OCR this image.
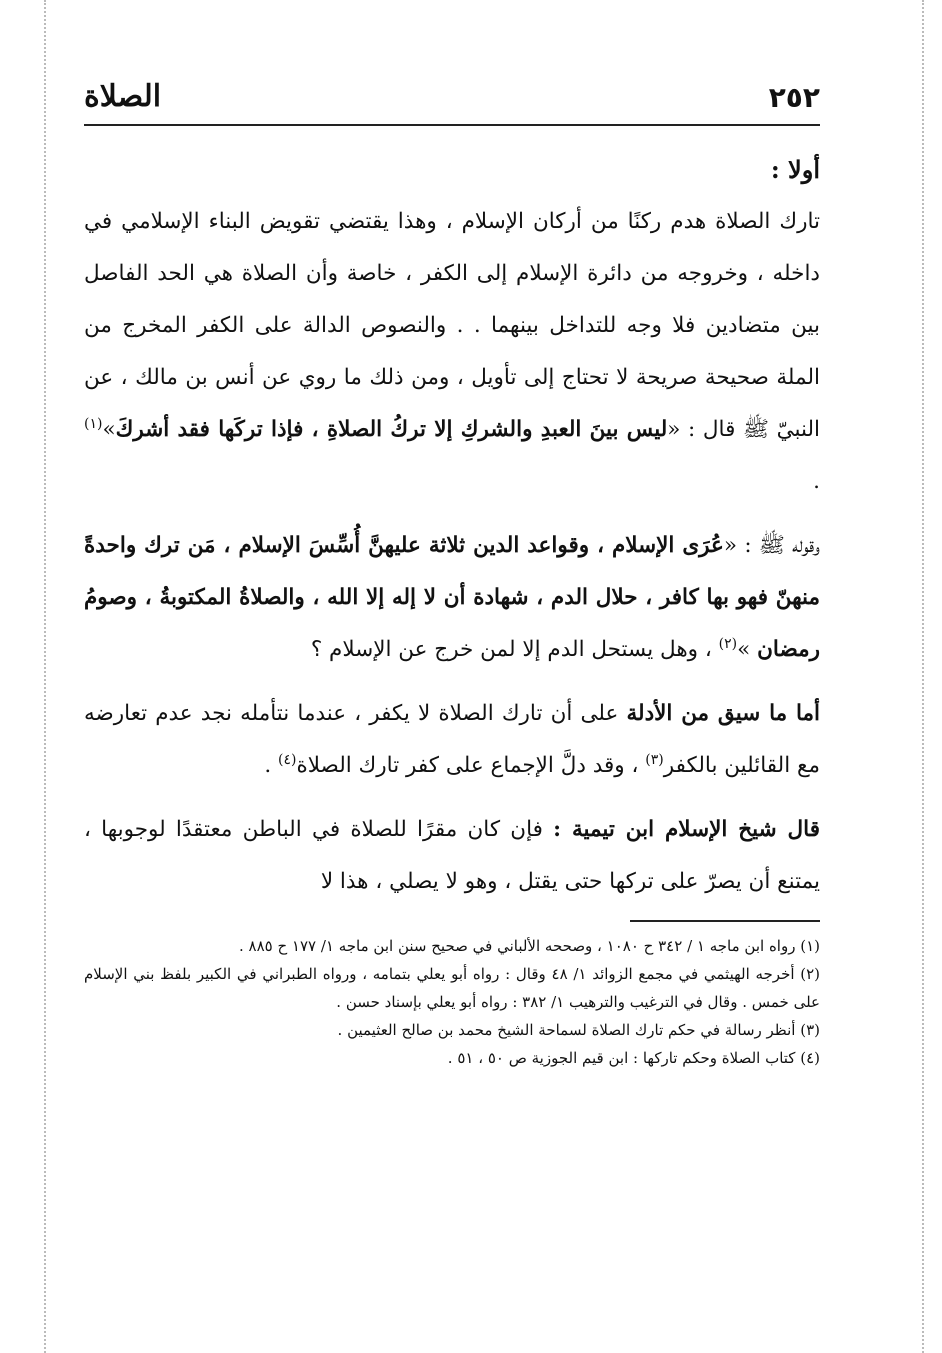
٢٥٢
الصلاة
أولا :

تارك الصلاة هدم ركنًا من أركان الإسلام ، وهذا يقتضي تقويض البناء الإسلامي في داخله ، وخروجه من دائرة الإسلام إلى الكفر ، خاصة وأن الصلاة هي الحد الفاصل بين متضادين فلا وجه للتداخل بينهما . . والنصوص الدالة على الكفر المخرج من الملة صحيحة صريحة لا تحتاج إلى تأويل ، ومن ذلك ما روي عن أنس بن مالك ، عن النبيّ ﷺ قال : «ليس بينَ العبدِ والشركِ إلا تركُ الصلاةِ ، فإذا تركَها فقد أشركَ»$^{(١)}$ .

وقوله ﷺ : «عُرَى الإسلام ، وقواعد الدين ثلاثة عليهنَّ أُسِّسَ الإسلام ، مَن ترك واحدةً منهنّ فهو بها كافر ، حلال الدم ، شهادة أن لا إله إلا الله ، والصلاةُ المكتوبةُ ، وصومُ رمضان »$^{(٢)}$ ، وهل يستحل الدم إلا لمن خرج عن الإسلام ؟

أما ما سيق من الأدلة على أن تارك الصلاة لا يكفر ، عندما نتأمله نجد عدم تعارضه مع القائلين بالكفر$^{(٣)}$ ، وقد دلَّ الإجماع على كفر تارك الصلاة$^{(٤)}$ .

قال شيخ الإسلام ابن تيمية : فإن كان مقرًا للصلاة في الباطن معتقدًا لوجوبها ، يمتنع أن يصرّ على تركها حتى يقتل ، وهو لا يصلي ، هذا لا

(١) رواه ابن ماجه ١ / ٣٤٢ ح ١٠٨٠ ، وصححه الألباني في صحيح سنن ابن ماجه ١/ ١٧٧ ح ٨٨٥ .

(٢) أخرجه الهيثمي في مجمع الزوائد ١/ ٤٨ وقال : رواه أبو يعلي بتمامه ، ورواه الطبراني في الكبير بلفظ بني الإسلام على خمس . وقال في الترغيب والترهيب ١/ ٣٨٢ : رواه أبو يعلي بإسناد حسن .

(٣) أنظر رسالة في حكم تارك الصلاة لسماحة الشيخ محمد بن صالح العثيمين .

(٤) كتاب الصلاة وحكم تاركها : ابن قيم الجوزية ص ٥٠ ، ٥١ .
